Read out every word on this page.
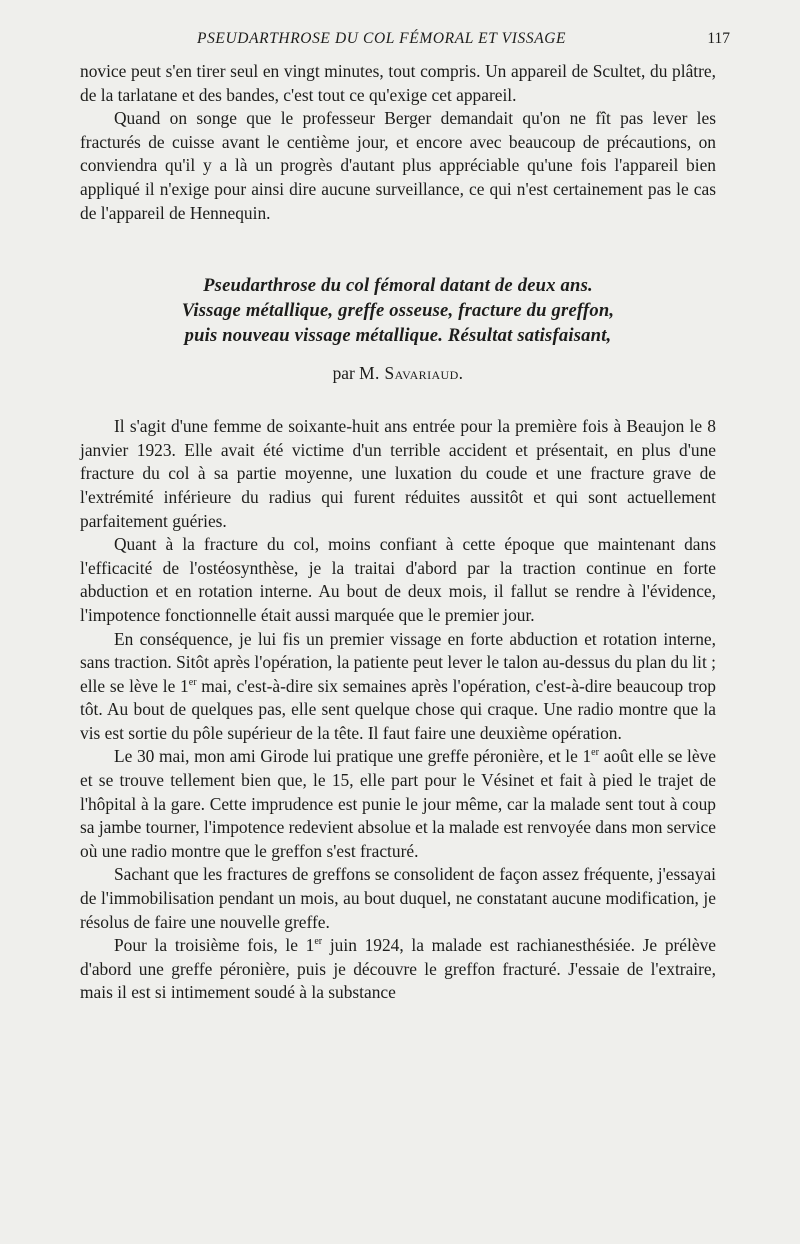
PSEUDARTHROSE DU COL FÉMORAL ET VISSAGE	117

novice peut s'en tirer seul en vingt minutes, tout compris. Un appareil de Scultet, du plâtre, de la tarlatane et des bandes, c'est tout ce qu'exige cet appareil.

Quand on songe que le professeur Berger demandait qu'on ne fît pas lever les fracturés de cuisse avant le centième jour, et encore avec beaucoup de précautions, on conviendra qu'il y a là un progrès d'autant plus appréciable qu'une fois l'appareil bien appliqué il n'exige pour ainsi dire aucune surveillance, ce qui n'est certainement pas le cas de l'appareil de Hennequin.

Pseudarthrose du col fémoral datant de deux ans.
Vissage métallique, greffe osseuse, fracture du greffon,
puis nouveau vissage métallique. Résultat satisfaisant,
par M. Savariaud.

Il s'agit d'une femme de soixante-huit ans entrée pour la première fois à Beaujon le 8 janvier 1923. Elle avait été victime d'un terrible accident et présentait, en plus d'une fracture du col à sa partie moyenne, une luxation du coude et une fracture grave de l'extrémité inférieure du radius qui furent réduites aussitôt et qui sont actuellement parfaitement guéries.

Quant à la fracture du col, moins confiant à cette époque que maintenant dans l'efficacité de l'ostéosynthèse, je la traitai d'abord par la traction continue en forte abduction et en rotation interne. Au bout de deux mois, il fallut se rendre à l'évidence, l'impotence fonctionnelle était aussi marquée que le premier jour.

En conséquence, je lui fis un premier vissage en forte abduction et rotation interne, sans traction. Sitôt après l'opération, la patiente peut lever le talon au-dessus du plan du lit ; elle se lève le 1er mai, c'est-à-dire six semaines après l'opération, c'est-à-dire beaucoup trop tôt. Au bout de quelques pas, elle sent quelque chose qui craque. Une radio montre que la vis est sortie du pôle supérieur de la tête. Il faut faire une deuxième opération.

Le 30 mai, mon ami Girode lui pratique une greffe péronière, et le 1er août elle se lève et se trouve tellement bien que, le 15, elle part pour le Vésinet et fait à pied le trajet de l'hôpital à la gare. Cette imprudence est punie le jour même, car la malade sent tout à coup sa jambe tourner, l'impotence redevient absolue et la malade est renvoyée dans mon service où une radio montre que le greffon s'est fracturé.

Sachant que les fractures de greffons se consolident de façon assez fréquente, j'essayai de l'immobilisation pendant un mois, au bout duquel, ne constatant aucune modification, je résolus de faire une nouvelle greffe.

Pour la troisième fois, le 1er juin 1924, la malade est rachianesthésiée. Je prélève d'abord une greffe péronière, puis je découvre le greffon fracturé. J'essaie de l'extraire, mais il est si intimement soudé à la substance
